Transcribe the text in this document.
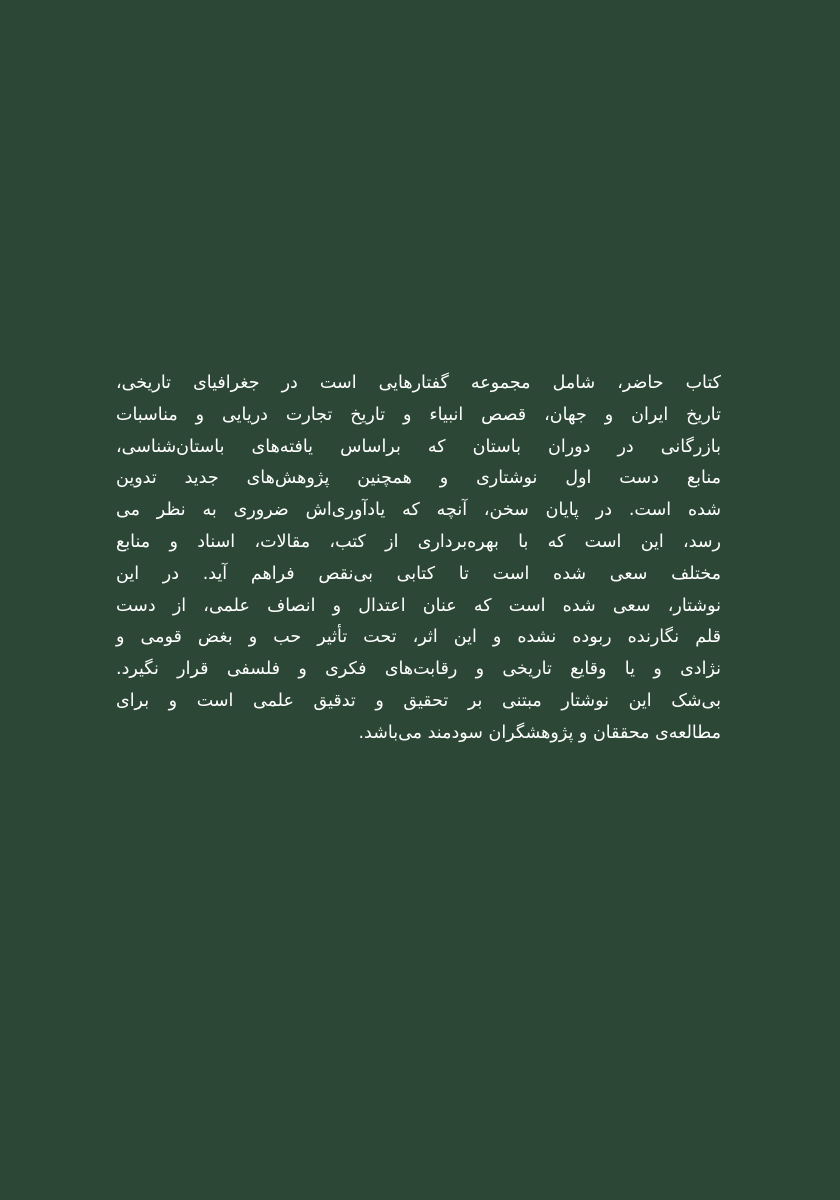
کتاب حاضر، شامل مجموعه گفتارهایی است در جغرافیای تاریخی،
تاریخ ایران و جهان، قصص انبیاء و تاریخ تجارت دریایی و مناسبات
بازرگانی در دوران باستان که براساس یافته‌های باستان‌شناسی،
منابع دست اول نوشتاری و همچنین پژوهش‌های جدید تدوین
شده است. در پایان سخن، آنچه که یادآوری‌اش ضروری به نظر می
رسد، این است که با بهره‌برداری از کتب، مقالات، اسناد و منابع
مختلف سعی شده است تا کتابی بی‌نقص فراهم آید. در این
نوشتار، سعی شده است که عنان اعتدال و انصاف علمی، از دست
قلم نگارنده ربوده نشده و این اثر، تحت تأثیر حب و بغض قومی و
نژادی و یا وقایع تاریخی و رقابت‌های فکری و فلسفی قرار نگیرد.
بی‌شک این نوشتار مبتنی بر تحقیق و تدقیق علمی است و برای
مطالعه‌ی محققان و پژوهشگران سودمند می‌باشد.
